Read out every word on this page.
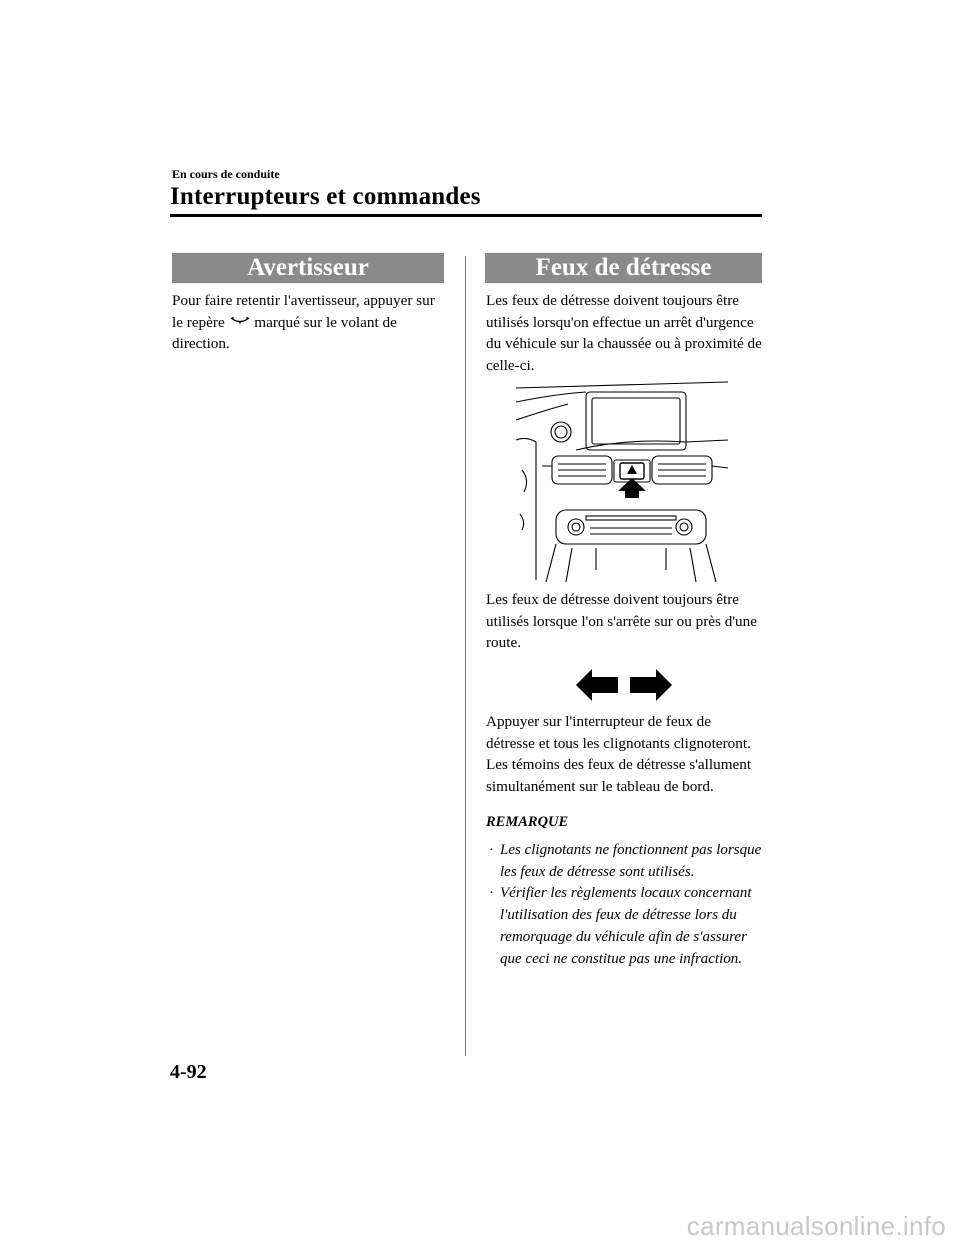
En cours de conduite
Interrupteurs et commandes
Avertisseur

Pour faire retentir l'avertisseur, appuyer sur le repère marqué sur le volant de direction.

Feux de détresse

Les feux de détresse doivent toujours être utilisés lorsqu'on effectue un arrêt d'urgence du véhicule sur la chaussée ou à proximité de celle-ci.

Les feux de détresse doivent toujours être utilisés lorsque l'on s'arrête sur ou près d'une route.

Appuyer sur l'interrupteur de feux de détresse et tous les clignotants clignoteront. Les témoins des feux de détresse s'allument simultanément sur le tableau de bord.

REMARQUE
· Les clignotants ne fonctionnent pas lorsque les feux de détresse sont utilisés.
· Vérifier les règlements locaux concernant l'utilisation des feux de détresse lors du remorquage du véhicule afin de s'assurer que ceci ne constitue pas une infraction.
4-92
carmanualsonline.info
